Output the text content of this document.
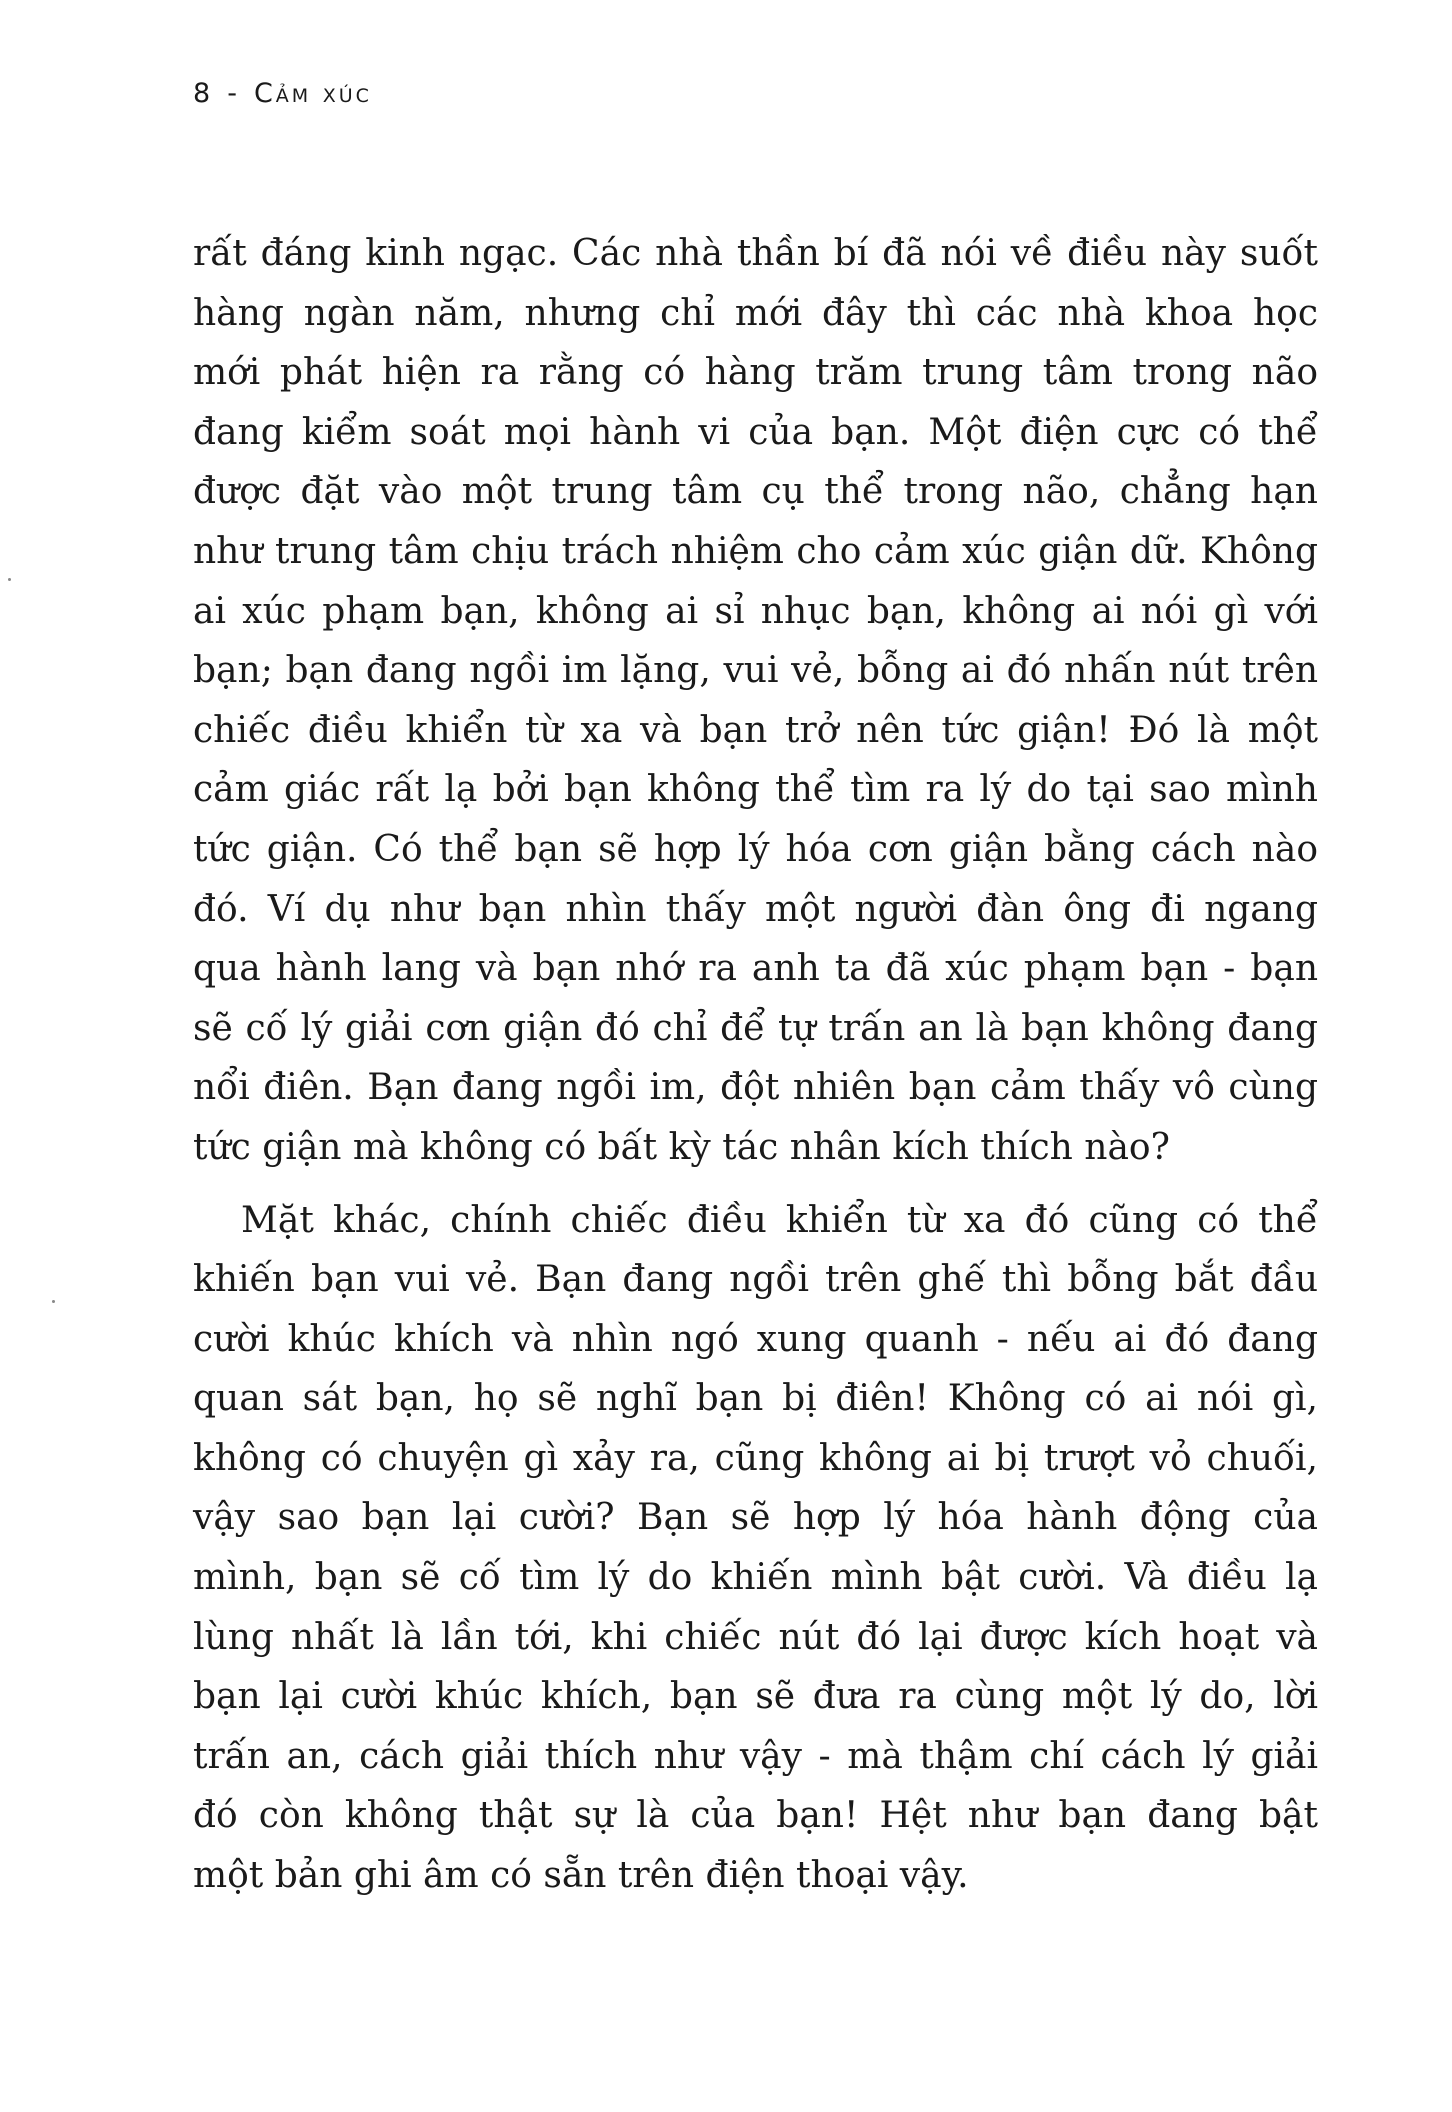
8 - Cảm xúc
rất đáng kinh ngạc. Các nhà thần bí đã nói về điều này suốt
hàng ngàn năm, nhưng chỉ mới đây thì các nhà khoa học
mới phát hiện ra rằng có hàng trăm trung tâm trong não
đang kiểm soát mọi hành vi của bạn. Một điện cực có thể
được đặt vào một trung tâm cụ thể trong não, chẳng hạn
như trung tâm chịu trách nhiệm cho cảm xúc giận dữ. Không
ai xúc phạm bạn, không ai sỉ nhục bạn, không ai nói gì với
bạn; bạn đang ngồi im lặng, vui vẻ, bỗng ai đó nhấn nút trên
chiếc điều khiển từ xa và bạn trở nên tức giận! Đó là một
cảm giác rất lạ bởi bạn không thể tìm ra lý do tại sao mình
tức giận. Có thể bạn sẽ hợp lý hóa cơn giận bằng cách nào
đó. Ví dụ như bạn nhìn thấy một người đàn ông đi ngang
qua hành lang và bạn nhớ ra anh ta đã xúc phạm bạn - bạn
sẽ cố lý giải cơn giận đó chỉ để tự trấn an là bạn không đang
nổi điên. Bạn đang ngồi im, đột nhiên bạn cảm thấy vô cùng
tức giận mà không có bất kỳ tác nhân kích thích nào?
Mặt khác, chính chiếc điều khiển từ xa đó cũng có thể
khiến bạn vui vẻ. Bạn đang ngồi trên ghế thì bỗng bắt đầu
cười khúc khích và nhìn ngó xung quanh - nếu ai đó đang
quan sát bạn, họ sẽ nghĩ bạn bị điên! Không có ai nói gì,
không có chuyện gì xảy ra, cũng không ai bị trượt vỏ chuối,
vậy sao bạn lại cười? Bạn sẽ hợp lý hóa hành động của
mình, bạn sẽ cố tìm lý do khiến mình bật cười. Và điều lạ
lùng nhất là lần tới, khi chiếc nút đó lại được kích hoạt và
bạn lại cười khúc khích, bạn sẽ đưa ra cùng một lý do, lời
trấn an, cách giải thích như vậy - mà thậm chí cách lý giải
đó còn không thật sự là của bạn! Hệt như bạn đang bật
một bản ghi âm có sẵn trên điện thoại vậy.
